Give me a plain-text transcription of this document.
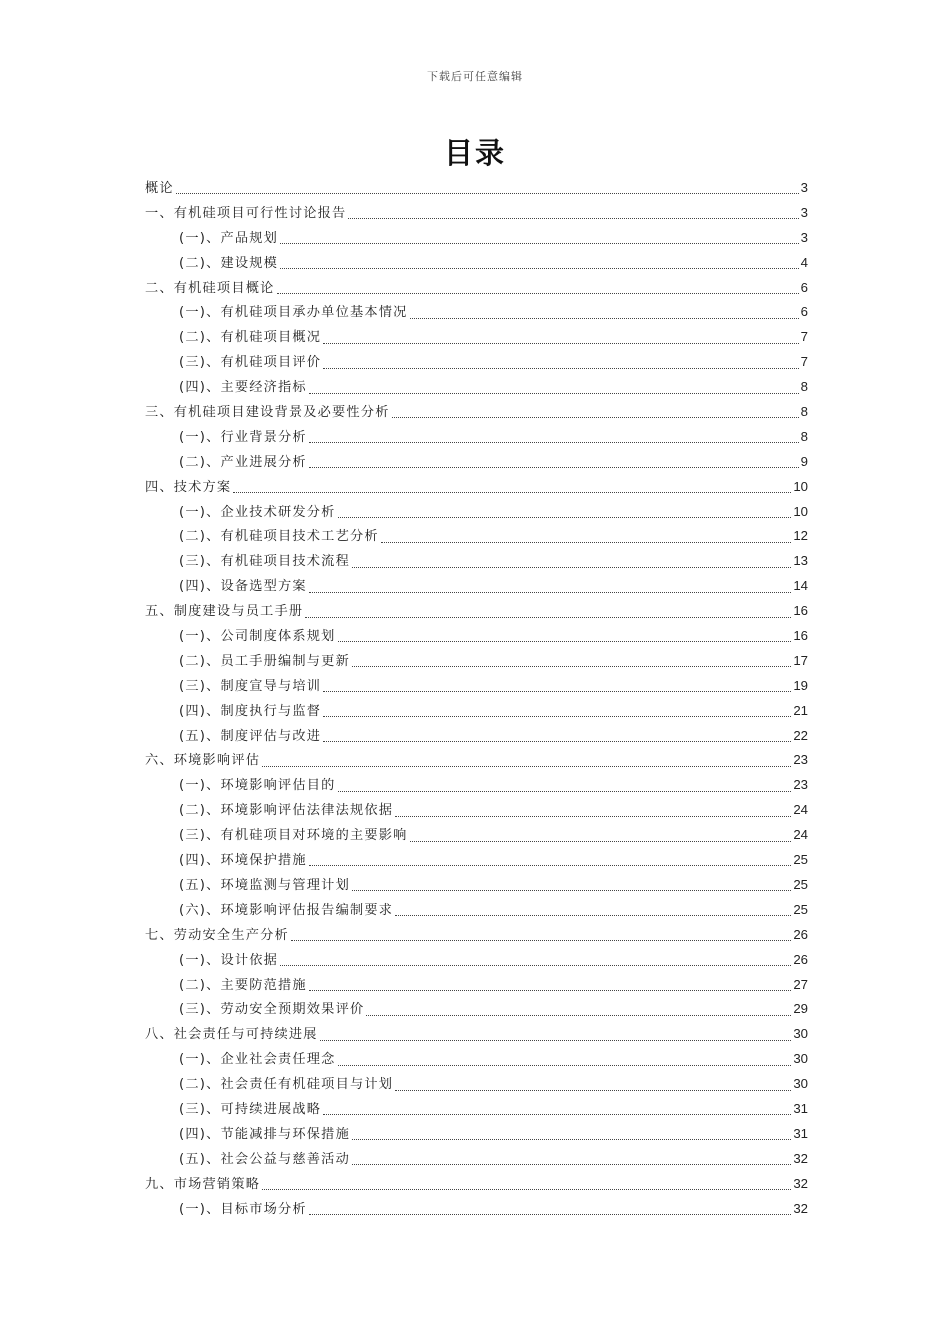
下载后可任意编辑
目录
概论	3
一、有机硅项目可行性讨论报告	3
(一)、产品规划	3
(二)、建设规模	4
二、有机硅项目概论	6
(一)、有机硅项目承办单位基本情况	6
(二)、有机硅项目概况	7
(三)、有机硅项目评价	7
(四)、主要经济指标	8
三、有机硅项目建设背景及必要性分析	8
(一)、行业背景分析	8
(二)、产业进展分析	9
四、技术方案	10
(一)、企业技术研发分析	10
(二)、有机硅项目技术工艺分析	12
(三)、有机硅项目技术流程	13
(四)、设备选型方案	14
五、制度建设与员工手册	16
(一)、公司制度体系规划	16
(二)、员工手册编制与更新	17
(三)、制度宣导与培训	19
(四)、制度执行与监督	21
(五)、制度评估与改进	22
六、环境影响评估	23
(一)、环境影响评估目的	23
(二)、环境影响评估法律法规依据	24
(三)、有机硅项目对环境的主要影响	24
(四)、环境保护措施	25
(五)、环境监测与管理计划	25
(六)、环境影响评估报告编制要求	25
七、劳动安全生产分析	26
(一)、设计依据	26
(二)、主要防范措施	27
(三)、劳动安全预期效果评价	29
八、社会责任与可持续进展	30
(一)、企业社会责任理念	30
(二)、社会责任有机硅项目与计划	30
(三)、可持续进展战略	31
(四)、节能减排与环保措施	31
(五)、社会公益与慈善活动	32
九、市场营销策略	32
(一)、目标市场分析	32
